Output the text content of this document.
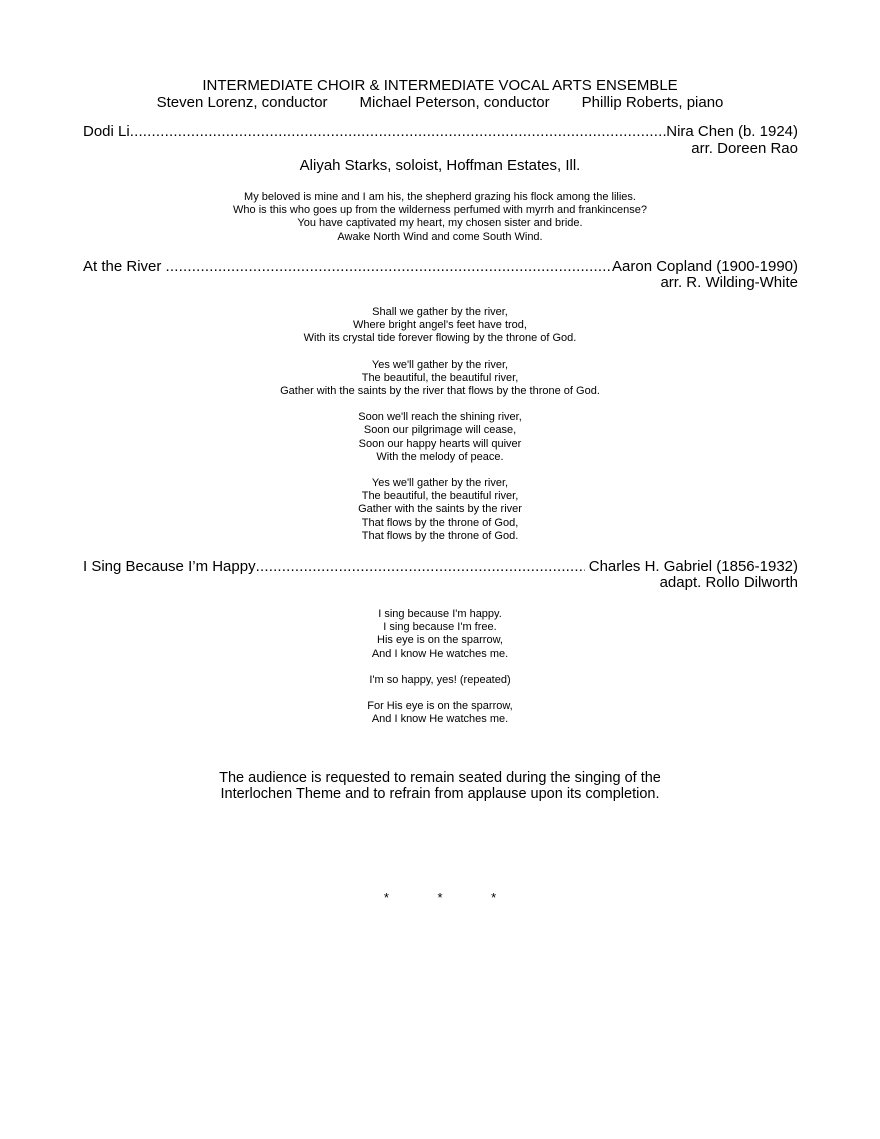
INTERMEDIATE CHOIR & INTERMEDIATE VOCAL ARTS ENSEMBLE
Steven Lorenz, conductor Michael Peterson, conductor Phillip Roberts, piano
Dodi Li .....	Nira Chen (b. 1924)
arr. Doreen Rao
Aliyah Starks, soloist, Hoffman Estates, Ill.
My beloved is mine and I am his, the shepherd grazing his flock among the lilies.
Who is this who goes up from the wilderness perfumed with myrrh and frankincense?
You have captivated my heart, my chosen sister and bride.
Awake North Wind and come South Wind.
At the River .....	Aaron Copland (1900-1990)
arr. R. Wilding-White
Shall we gather by the river,
Where bright angel's feet have trod,
With its crystal tide forever flowing by the throne of God.
Yes we'll gather by the river,
The beautiful, the beautiful river,
Gather with the saints by the river that flows by the throne of God.
Soon we'll reach the shining river,
Soon our pilgrimage will cease,
Soon our happy hearts will quiver
With the melody of peace.
Yes we'll gather by the river,
The beautiful, the beautiful river,
Gather with the saints by the river
That flows by the throne of God,
That flows by the throne of God.
I Sing Because I’m Happy .....	Charles H. Gabriel (1856-1932)
adapt. Rollo Dilworth
I sing because I'm happy.
I sing because I'm free.
His eye is on the sparrow,
And I know He watches me.
I'm so happy, yes! (repeated)
For His eye is on the sparrow,
And I know He watches me.
The audience is requested to remain seated during the singing of the
Interlochen Theme and to refrain from applause upon its completion.
*	*	*
